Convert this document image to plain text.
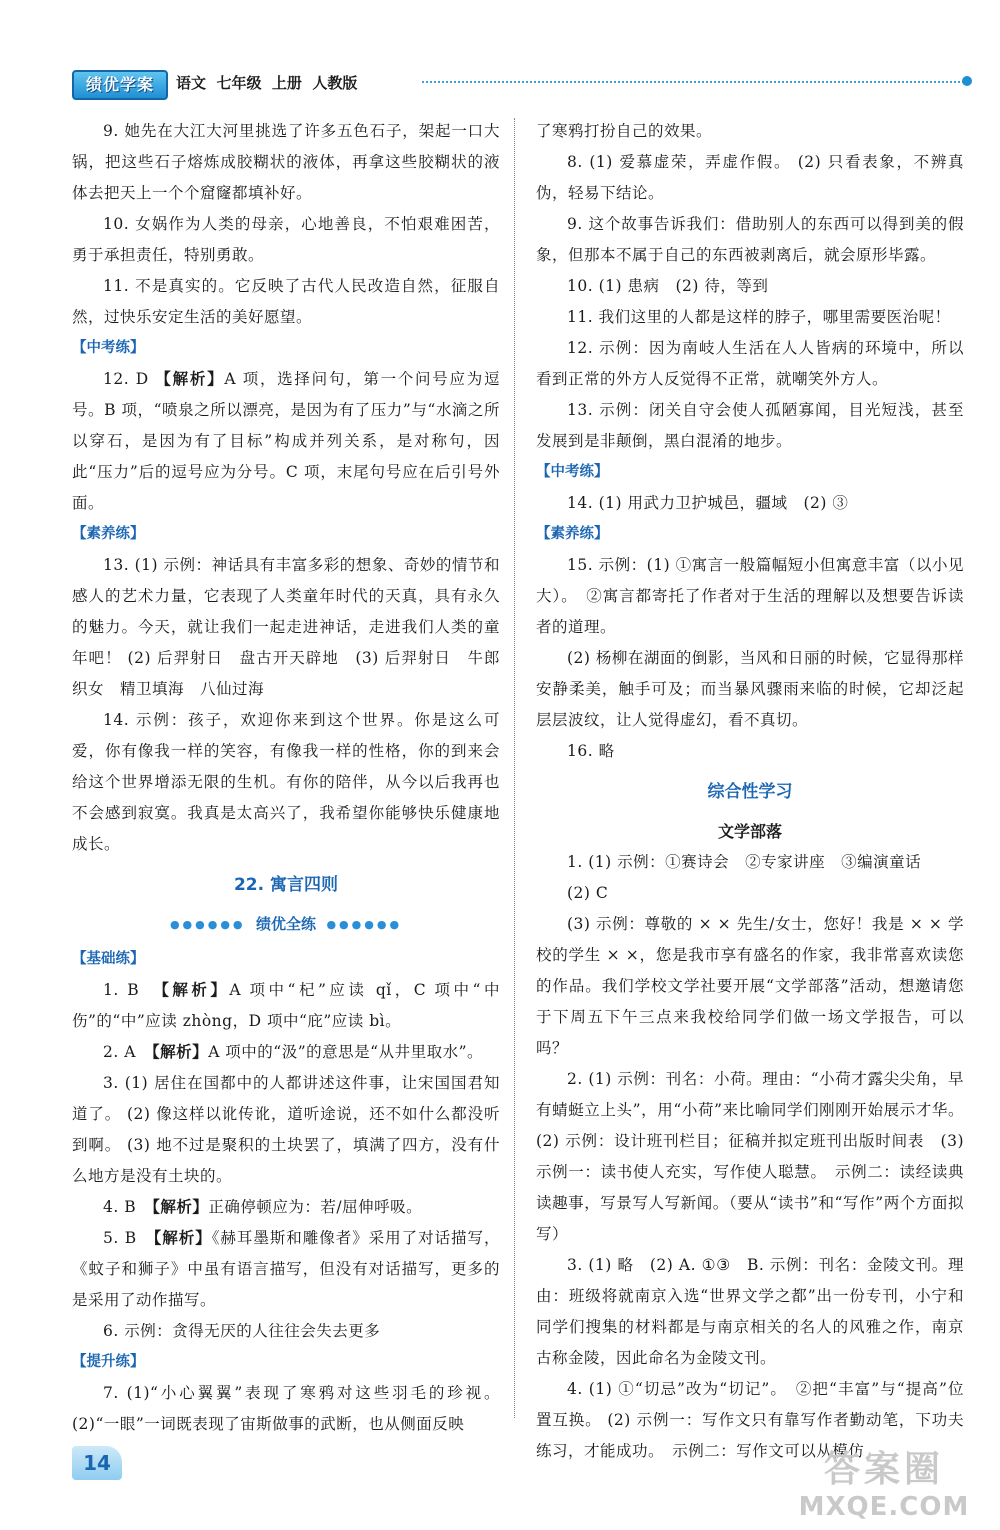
绩优学案	语文  七年级  上册  人教版

9. 她先在大江大河里挑选了许多五色石子，架起一口大锅，把这些石子熔炼成胶糊状的液体，再拿这些胶糊状的液体去把天上一个个窟窿都填补好。

10. 女娲作为人类的母亲，心地善良，不怕艰难困苦，勇于承担责任，特别勇敢。

11. 不是真实的。它反映了古代人民改造自然，征服自然，过快乐安定生活的美好愿望。

【中考练】

12. D 【解析】A 项，选择问句，第一个问号应为逗号。B 项，“喷泉之所以漂亮，是因为有了压力”与“水滴之所以穿石，是因为有了目标”构成并列关系，是对称句，因此“压力”后的逗号应为分号。C 项，末尾句号应在后引号外面。

【素养练】

13. (1) 示例：神话具有丰富多彩的想象、奇妙的情节和感人的艺术力量，它表现了人类童年时代的天真，具有永久的魅力。今天，就让我们一起走进神话，走进我们人类的童年吧！ (2) 后羿射日　盘古开天辟地　(3) 后羿射日　牛郎织女　精卫填海　八仙过海

14. 示例：孩子，欢迎你来到这个世界。你是这么可爱，你有像我一样的笑容，有像我一样的性格，你的到来会给这个世界增添无限的生机。有你的陪伴，从今以后我再也不会感到寂寞。我真是太高兴了，我希望你能够快乐健康地成长。

22. 寓言四则
●●●●●● 绩优全练 ●●●●●●
【基础练】

1. B　【解析】A 项中“杞”应读 qǐ，C 项中“中伤”的“中”应读 zhòng，D 项中“庇”应读 bì。

2. A　【解析】A 项中的“汲”的意思是“从井里取水”。

3. (1) 居住在国都中的人都讲述这件事，让宋国国君知道了。 (2) 像这样以讹传讹，道听途说，还不如什么都没听到啊。 (3) 地不过是聚积的土块罢了，填满了四方，没有什么地方是没有土块的。

4. B　【解析】正确停顿应为：若/屈伸呼吸。

5. B　【解析】《赫耳墨斯和雕像者》采用了对话描写，《蚊子和狮子》中虽有语言描写，但没有对话描写，更多的是采用了动作描写。

6. 示例：贪得无厌的人往往会失去更多

【提升练】

7. (1)“小心翼翼”表现了寒鸦对这些羽毛的珍视。(2)“一眼”一词既表现了宙斯做事的武断，也从侧面反映

了寒鸦打扮自己的效果。

8. (1) 爱慕虚荣，弄虚作假。 (2) 只看表象，不辨真伪，轻易下结论。

9. 这个故事告诉我们：借助别人的东西可以得到美的假象，但那本不属于自己的东西被剥离后，就会原形毕露。

10. (1) 患病　(2) 待，等到

11. 我们这里的人都是这样的脖子，哪里需要医治呢！

12. 示例：因为南岐人生活在人人皆病的环境中，所以看到正常的外方人反觉得不正常，就嘲笑外方人。

13. 示例：闭关自守会使人孤陋寡闻，目光短浅，甚至发展到是非颠倒，黑白混淆的地步。

【中考练】

14. (1) 用武力卫护城邑，疆域　(2) ③

【素养练】

15. 示例：(1) ①寓言一般篇幅短小但寓意丰富（以小见大）。　②寓言都寄托了作者对于生活的理解以及想要告诉读者的道理。

(2) 杨柳在湖面的倒影，当风和日丽的时候，它显得那样安静柔美，触手可及；而当暴风骤雨来临的时候，它却泛起层层波纹，让人觉得虚幻，看不真切。

16. 略

综合性学习

文学部落

1. (1) 示例：①赛诗会　②专家讲座　③编演童话

(2) C

(3) 示例：尊敬的 × × 先生/女士，您好！我是 × × 学校的学生 × ×，您是我市享有盛名的作家，我非常喜欢读您的作品。我们学校文学社要开展“文学部落”活动，想邀请您于下周五下午三点来我校给同学们做一场文学报告，可以吗？

2. (1) 示例：刊名：小荷。理由：“小荷才露尖尖角，早有蜻蜓立上头”，用“小荷”来比喻同学们刚刚开始展示才华。 (2) 示例：设计班刊栏目；征稿并拟定班刊出版时间表　(3) 示例一：读书使人充实，写作使人聪慧。　示例二：读经读典读趣事，写景写人写新闻。（要从“读书”和“写作”两个方面拟写）

3. (1) 略　(2) A. ①③　B. 示例：刊名：金陵文刊。理由：班级将就南京入选“世界文学之都”出一份专刊，小宁和同学们搜集的材料都是与南京相关的名人的风雅之作，南京古称金陵，因此命名为金陵文刊。

4. (1) ①“切忌”改为“切记”。　②把“丰富”与“提高”位置互换。 (2) 示例一：写作文只有靠写作者勤动笔，下功夫练习，才能成功。　示例二：写作文可以从模仿

14	答案圈
MXQE.COM
